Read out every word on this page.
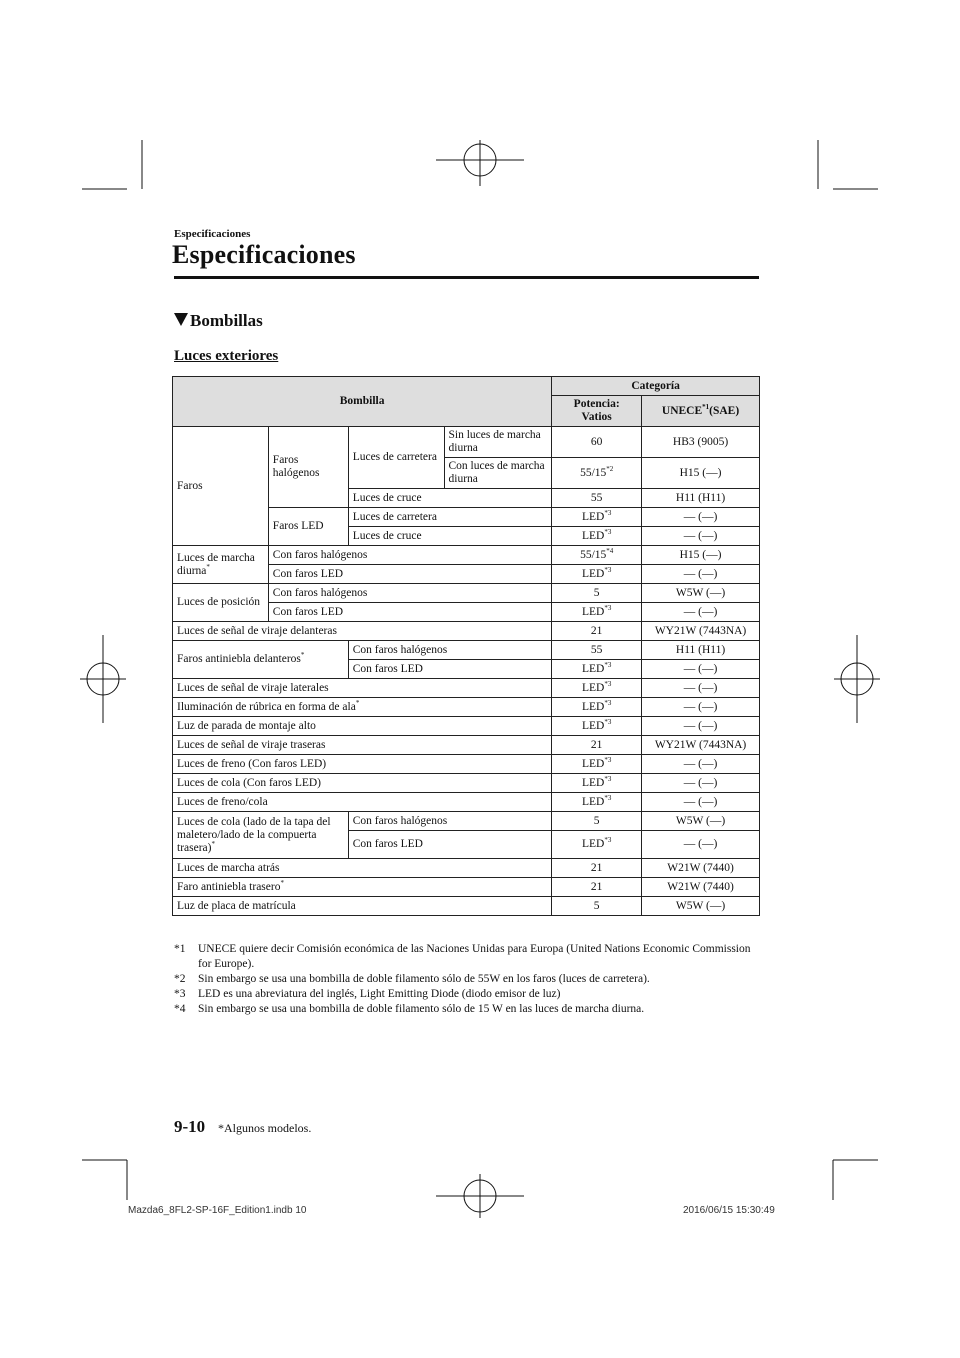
Especificaciones
Especificaciones
Bombillas
Luces exteriores
Bombilla				Categoría	
				Potencia:
Vatios	UNECE$^{*1}$(SAE)
Faros	Faros halógenos	Luces de carretera	Sin luces de marcha diurna	60	HB3 (9005)
			Con luces de marcha diurna	55/15$^{*2}$	H15 (—)
		Luces de cruce		55	H11 (H11)
	Faros LED	Luces de carretera		LED$^{*3}$	— (—)
		Luces de cruce		LED$^{*3}$	— (—)
Luces de marcha diurna*	Con faros halógenos			55/15$^{*4}$	H15 (—)
	Con faros LED			LED$^{*3}$	— (—)
Luces de posición	Con faros halógenos			5	W5W (—)
	Con faros LED			LED$^{*3}$	— (—)
Luces de señal de viraje delanteras				21	WY21W (7443NA)
Faros antiniebla delanteros*		Con faros halógenos		55	H11 (H11)
		Con faros LED		LED$^{*3}$	— (—)
Luces de señal de viraje laterales				LED$^{*3}$	— (—)
Iluminación de rúbrica en forma de ala*				LED$^{*3}$	— (—)
Luz de parada de montaje alto				LED$^{*3}$	— (—)
Luces de señal de viraje traseras				21	WY21W (7443NA)
Luces de freno (Con faros LED)				LED$^{*3}$	— (—)
Luces de cola (Con faros LED)				LED$^{*3}$	— (—)
Luces de freno/cola				LED$^{*3}$	— (—)
Luces de cola (lado de la tapa del maletero/lado de la compuerta trasera)*		Con faros halógenos		5	W5W (—)
		Con faros LED		LED$^{*3}$	— (—)
Luces de marcha atrás				21	W21W (7440)
Faro antiniebla trasero*				21	W21W (7440)
Luz de placa de matrícula				5	W5W (—)
*1 UNECE quiere decir Comisión económica de las Naciones Unidas para Europa (United Nations Economic Commission for Europe).
*2 Sin embargo se usa una bombilla de doble filamento sólo de 55W en los faros (luces de carretera).
*3 LED es una abreviatura del inglés, Light Emitting Diode (diodo emisor de luz)
*4 Sin embargo se usa una bombilla de doble filamento sólo de 15 W en las luces de marcha diurna.
9-10 *Algunos modelos.
Mazda6_8FL2-SP-16F_Edition1.indb 10	2016/06/15 15:30:49
